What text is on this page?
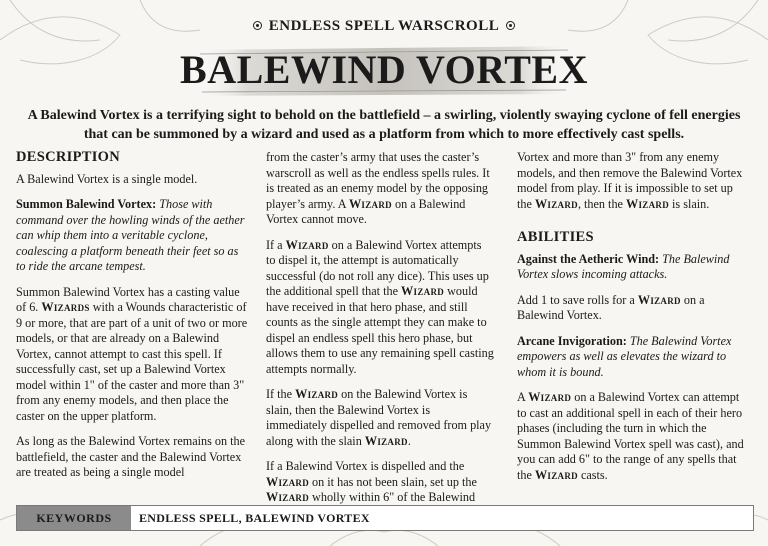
ENDLESS SPELL WARSCROLL
BALEWIND VORTEX
A Balewind Vortex is a terrifying sight to behold on the battlefield – a swirling, violently swaying cyclone of fell energies that can be summoned by a wizard and used as a platform from which to more effectively cast spells.
DESCRIPTION

A Balewind Vortex is a single model.

Summon Balewind Vortex: Those with command over the howling winds of the aether can whip them into a veritable cyclone, coalescing a platform beneath their feet so as to ride the arcane tempest.

Summon Balewind Vortex has a casting value of 6. Wizards with a Wounds characteristic of 9 or more, that are part of a unit of two or more models, or that are already on a Balewind Vortex, cannot attempt to cast this spell. If successfully cast, set up a Balewind Vortex model within 1" of the caster and more than 3" from any enemy models, and then place the caster on the upper platform.

As long as the Balewind Vortex remains on the battlefield, the caster and the Balewind Vortex are treated as being a single model

from the caster’s army that uses the caster’s warscroll as well as the endless spells rules. It is treated as an enemy model by the opposing player’s army. A Wizard on a Balewind Vortex cannot move.

If a Wizard on a Balewind Vortex attempts to dispel it, the attempt is automatically successful (do not roll any dice). This uses up the additional spell that the Wizard would have received in that hero phase, and still counts as the single attempt they can make to dispel an endless spell this hero phase, but allows them to use any remaining spell casting attempts normally.

If the Wizard on the Balewind Vortex is slain, then the Balewind Vortex is immediately dispelled and removed from play along with the slain Wizard.

If a Balewind Vortex is dispelled and the Wizard on it has not been slain, set up the Wizard wholly within 6" of the Balewind

Vortex and more than 3" from any enemy models, and then remove the Balewind Vortex model from play. If it is impossible to set up the Wizard, then the Wizard is slain.

ABILITIES

Against the Aetheric Wind: The Balewind Vortex slows incoming attacks.

Add 1 to save rolls for a Wizard on a Balewind Vortex.

Arcane Invigoration: The Balewind Vortex empowers as well as elevates the wizard to whom it is bound.

A Wizard on a Balewind Vortex can attempt to cast an additional spell in each of their hero phases (including the turn in which the Summon Balewind Vortex spell was cast), and you can add 6" to the range of any spells that the Wizard casts.

KEYWORDS	ENDLESS SPELL, BALEWIND VORTEX
